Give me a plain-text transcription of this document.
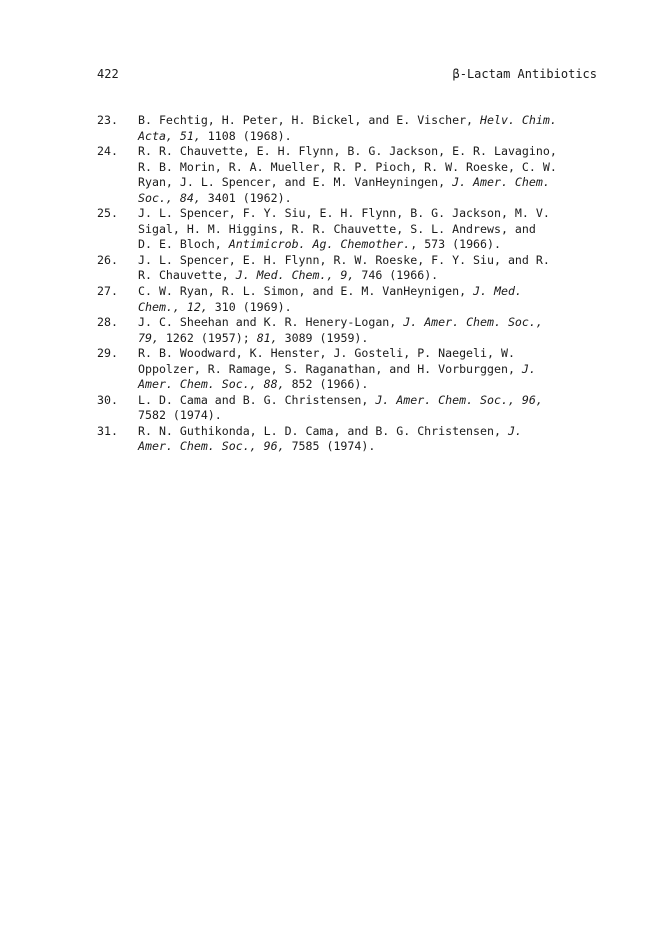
422	β-Lactam Antibiotics
23. B. Fechtig, H. Peter, H. Bickel, and E. Vischer, Helv. Chim.
Acta, 51, 1108 (1968).
24. R. R. Chauvette, E. H. Flynn, B. G. Jackson, E. R. Lavagino,
R. B. Morin, R. A. Mueller, R. P. Pioch, R. W. Roeske, C. W.
Ryan, J. L. Spencer, and E. M. VanHeyningen, J. Amer. Chem.
Soc., 84, 3401 (1962).
25. J. L. Spencer, F. Y. Siu, E. H. Flynn, B. G. Jackson, M. V.
Sigal, H. M. Higgins, R. R. Chauvette, S. L. Andrews, and
D. E. Bloch, Antimicrob. Ag. Chemother., 573 (1966).
26. J. L. Spencer, E. H. Flynn, R. W. Roeske, F. Y. Siu, and R.
R. Chauvette, J. Med. Chem., 9, 746 (1966).
27. C. W. Ryan, R. L. Simon, and E. M. VanHeynigen, J. Med.
Chem., 12, 310 (1969).
28. J. C. Sheehan and K. R. Henery-Logan, J. Amer. Chem. Soc.,
79, 1262 (1957); 81, 3089 (1959).
29. R. B. Woodward, K. Henster, J. Gosteli, P. Naegeli, W.
Oppolzer, R. Ramage, S. Raganathan, and H. Vorburggen, J.
Amer. Chem. Soc., 88, 852 (1966).
30. L. D. Cama and B. G. Christensen, J. Amer. Chem. Soc., 96,
7582 (1974).
31. R. N. Guthikonda, L. D. Cama, and B. G. Christensen, J.
Amer. Chem. Soc., 96, 7585 (1974).
